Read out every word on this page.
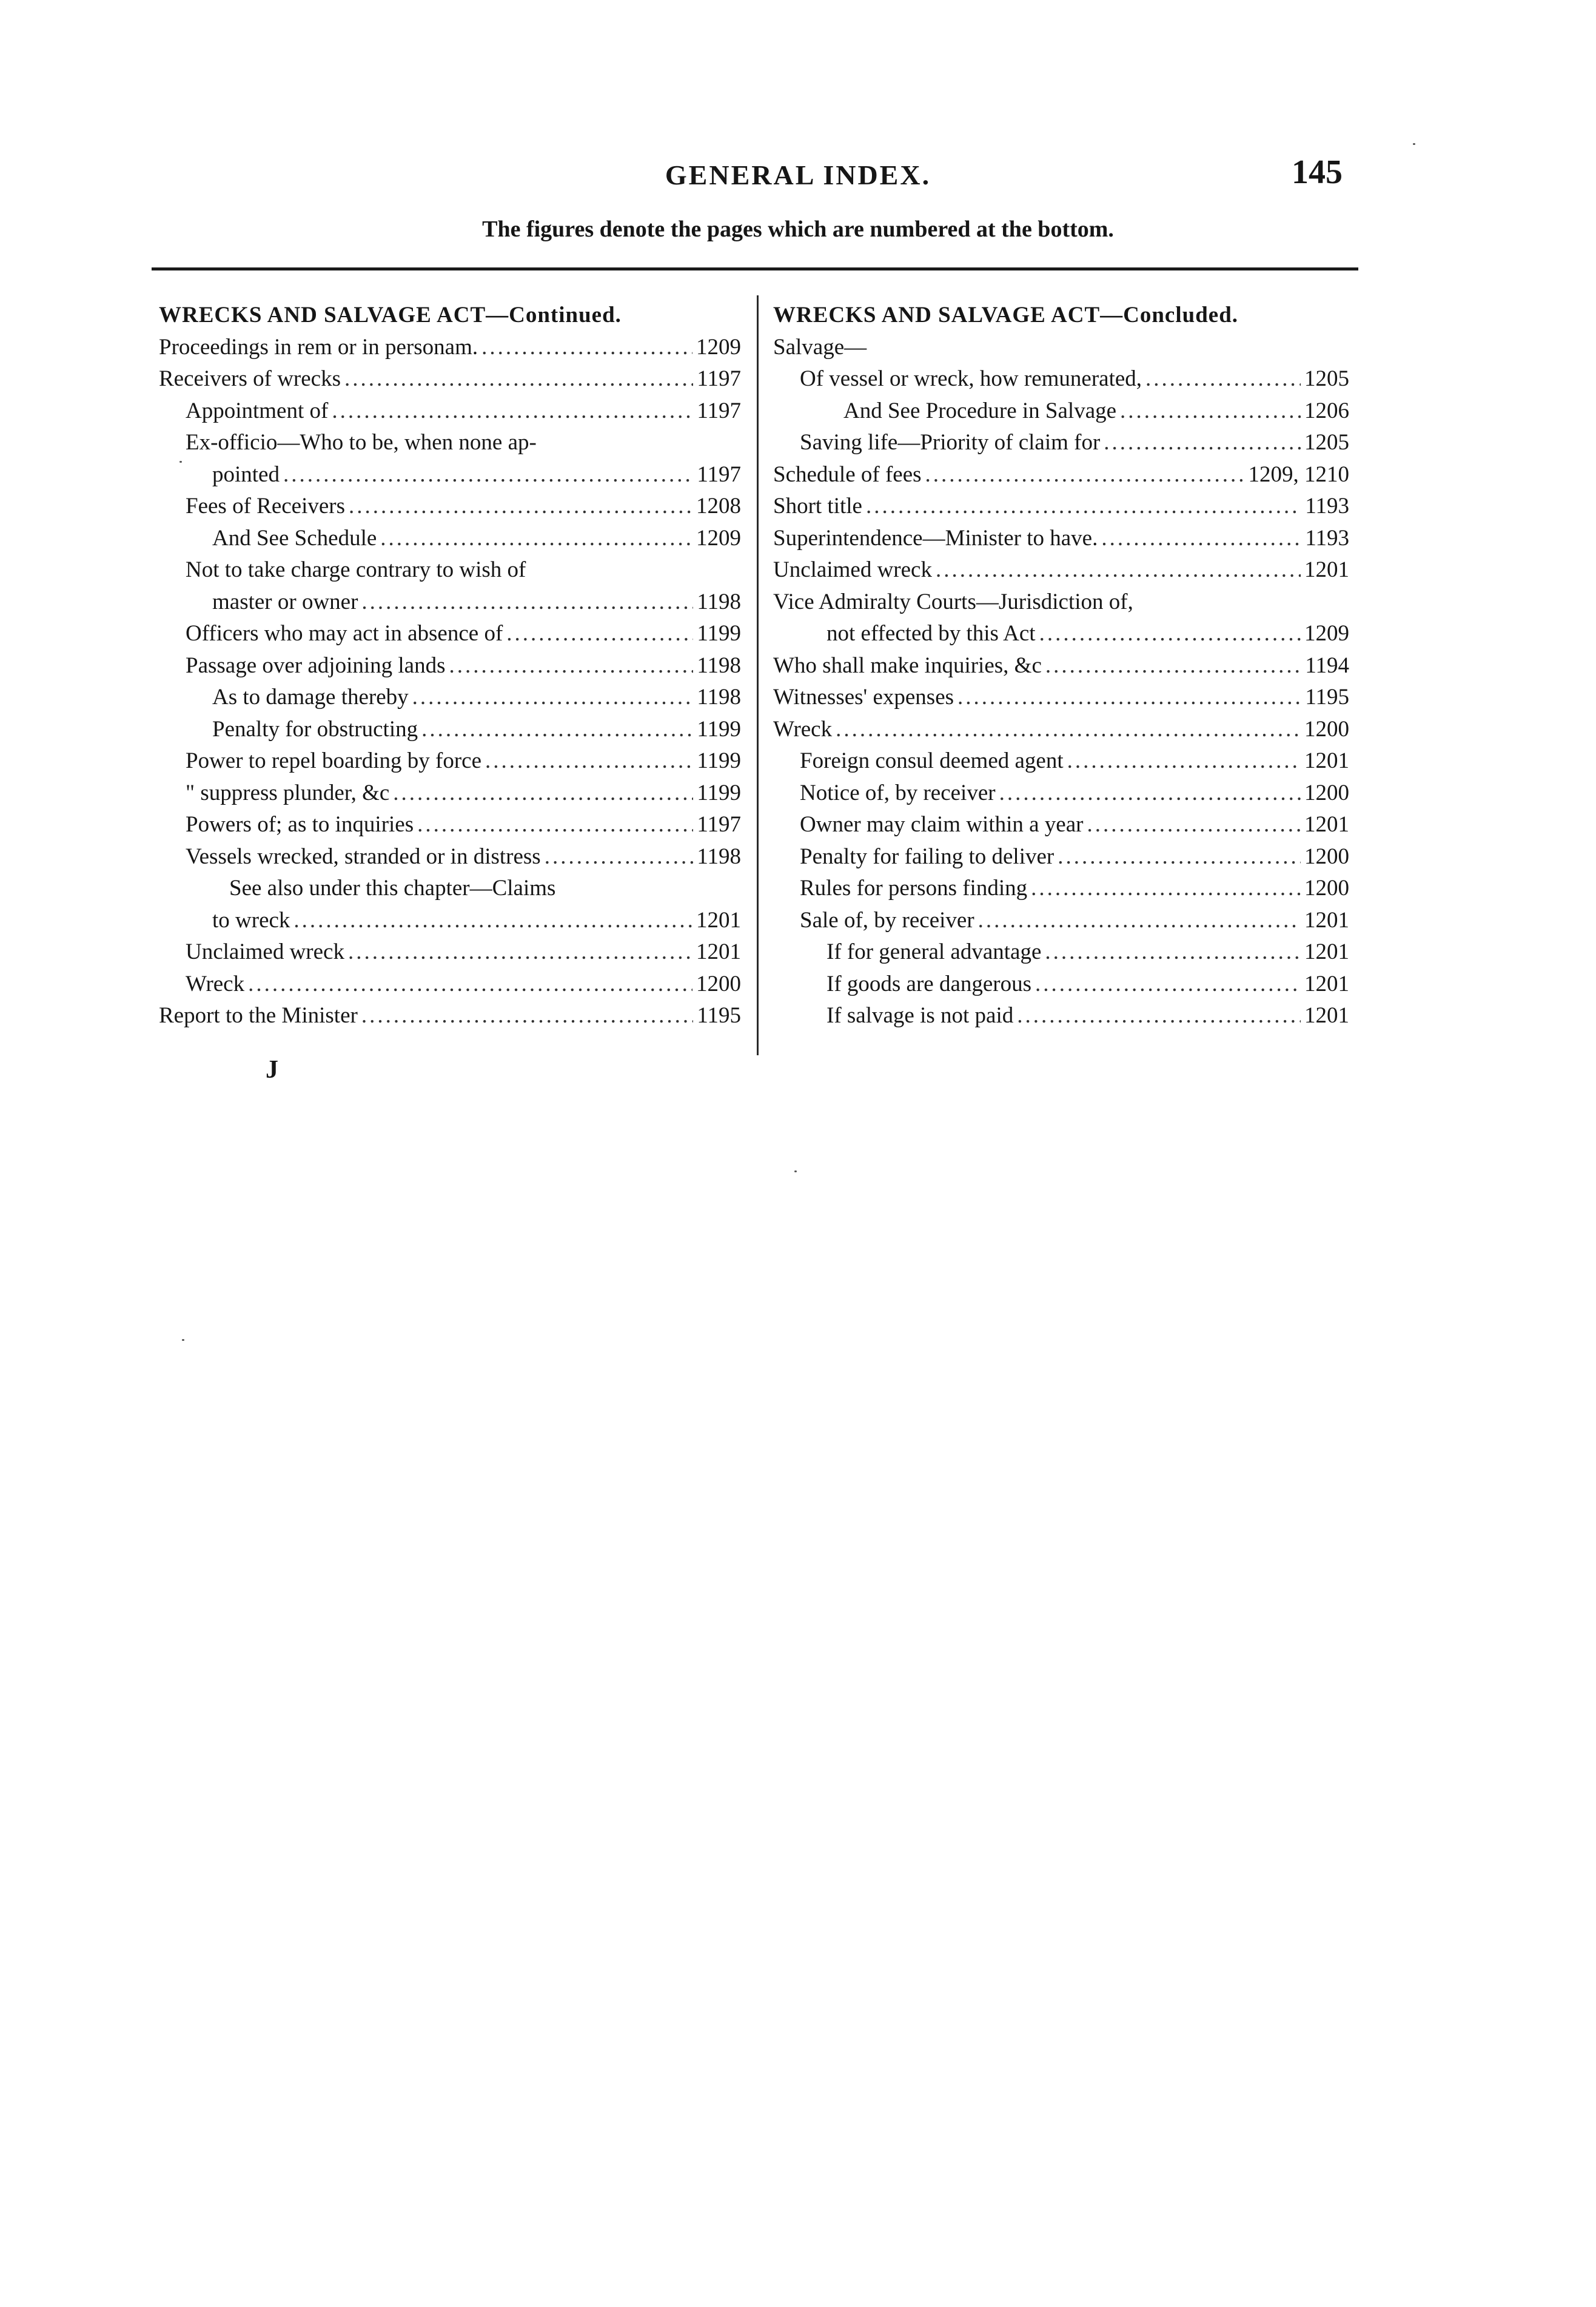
GENERAL INDEX.	145
The figures denote the pages which are numbered at the bottom.
WRECKS AND SALVAGE ACT—Continued.
Proceedings in rem or in personam. .....	1209
Receivers of wrecks .....	1197
Appointment of .....	1197
Ex-officio—Who to be, when none ap-
pointed .....	1197
Fees of Receivers .....	1208
And See Schedule .....	1209
Not to take charge contrary to wish of
master or owner .....	1198
Officers who may act in absence of .....	1199
Passage over adjoining lands .....	1198
As to damage thereby .....	1198
Penalty for obstructing .....	1199
Power to repel boarding by force .....	1199
" suppress plunder, &c .....	1199
Powers of; as to inquiries .....	1197
Vessels wrecked, stranded or in distress .....	1198
See also under this chapter—Claims
to wreck .....	1201
Unclaimed wreck .....	1201
Wreck .....	1200
Report to the Minister .....	1195
WRECKS AND SALVAGE ACT—Concluded.
Salvage—
Of vessel or wreck, how remunerated, .....	1205
And See Procedure in Salvage .....	1206
Saving life—Priority of claim for .....	1205
Schedule of fees .....	1209, 1210
Short title .....	1193
Superintendence—Minister to have. .....	1193
Unclaimed wreck .....	1201
Vice Admiralty Courts—Jurisdiction of,
not effected by this Act .....	1209
Who shall make inquiries, &c .....	1194
Witnesses' expenses .....	1195
Wreck .....	1200
Foreign consul deemed agent .....	1201
Notice of, by receiver .....	1200
Owner may claim within a year .....	1201
Penalty for failing to deliver .....	1200
Rules for persons finding .....	1200
Sale of, by receiver .....	1201
If for general advantage .....	1201
If goods are dangerous .....	1201
If salvage is not paid .....	1201
J
